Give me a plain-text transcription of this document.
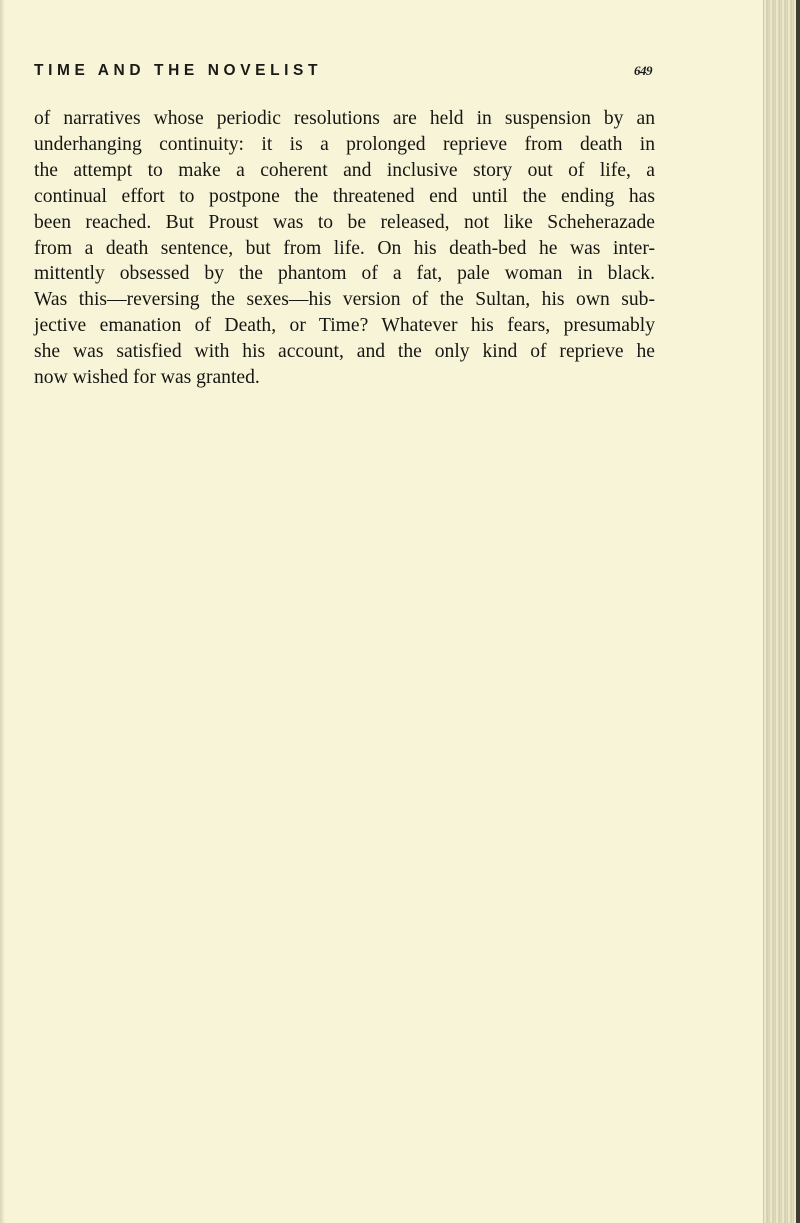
TIME AND THE NOVELIST	649
of narratives whose periodic resolutions are held in suspension by an
underhanging continuity: it is a prolonged reprieve from death in
the attempt to make a coherent and inclusive story out of life, a
continual effort to postpone the threatened end until the ending has
been reached. But Proust was to be released, not like Scheherazade
from a death sentence, but from life. On his death-bed he was inter-
mittently obsessed by the phantom of a fat, pale woman in black.
Was this—reversing the sexes—his version of the Sultan, his own sub-
jective emanation of Death, or Time? Whatever his fears, presumably
she was satisfied with his account, and the only kind of reprieve he
now wished for was granted.
